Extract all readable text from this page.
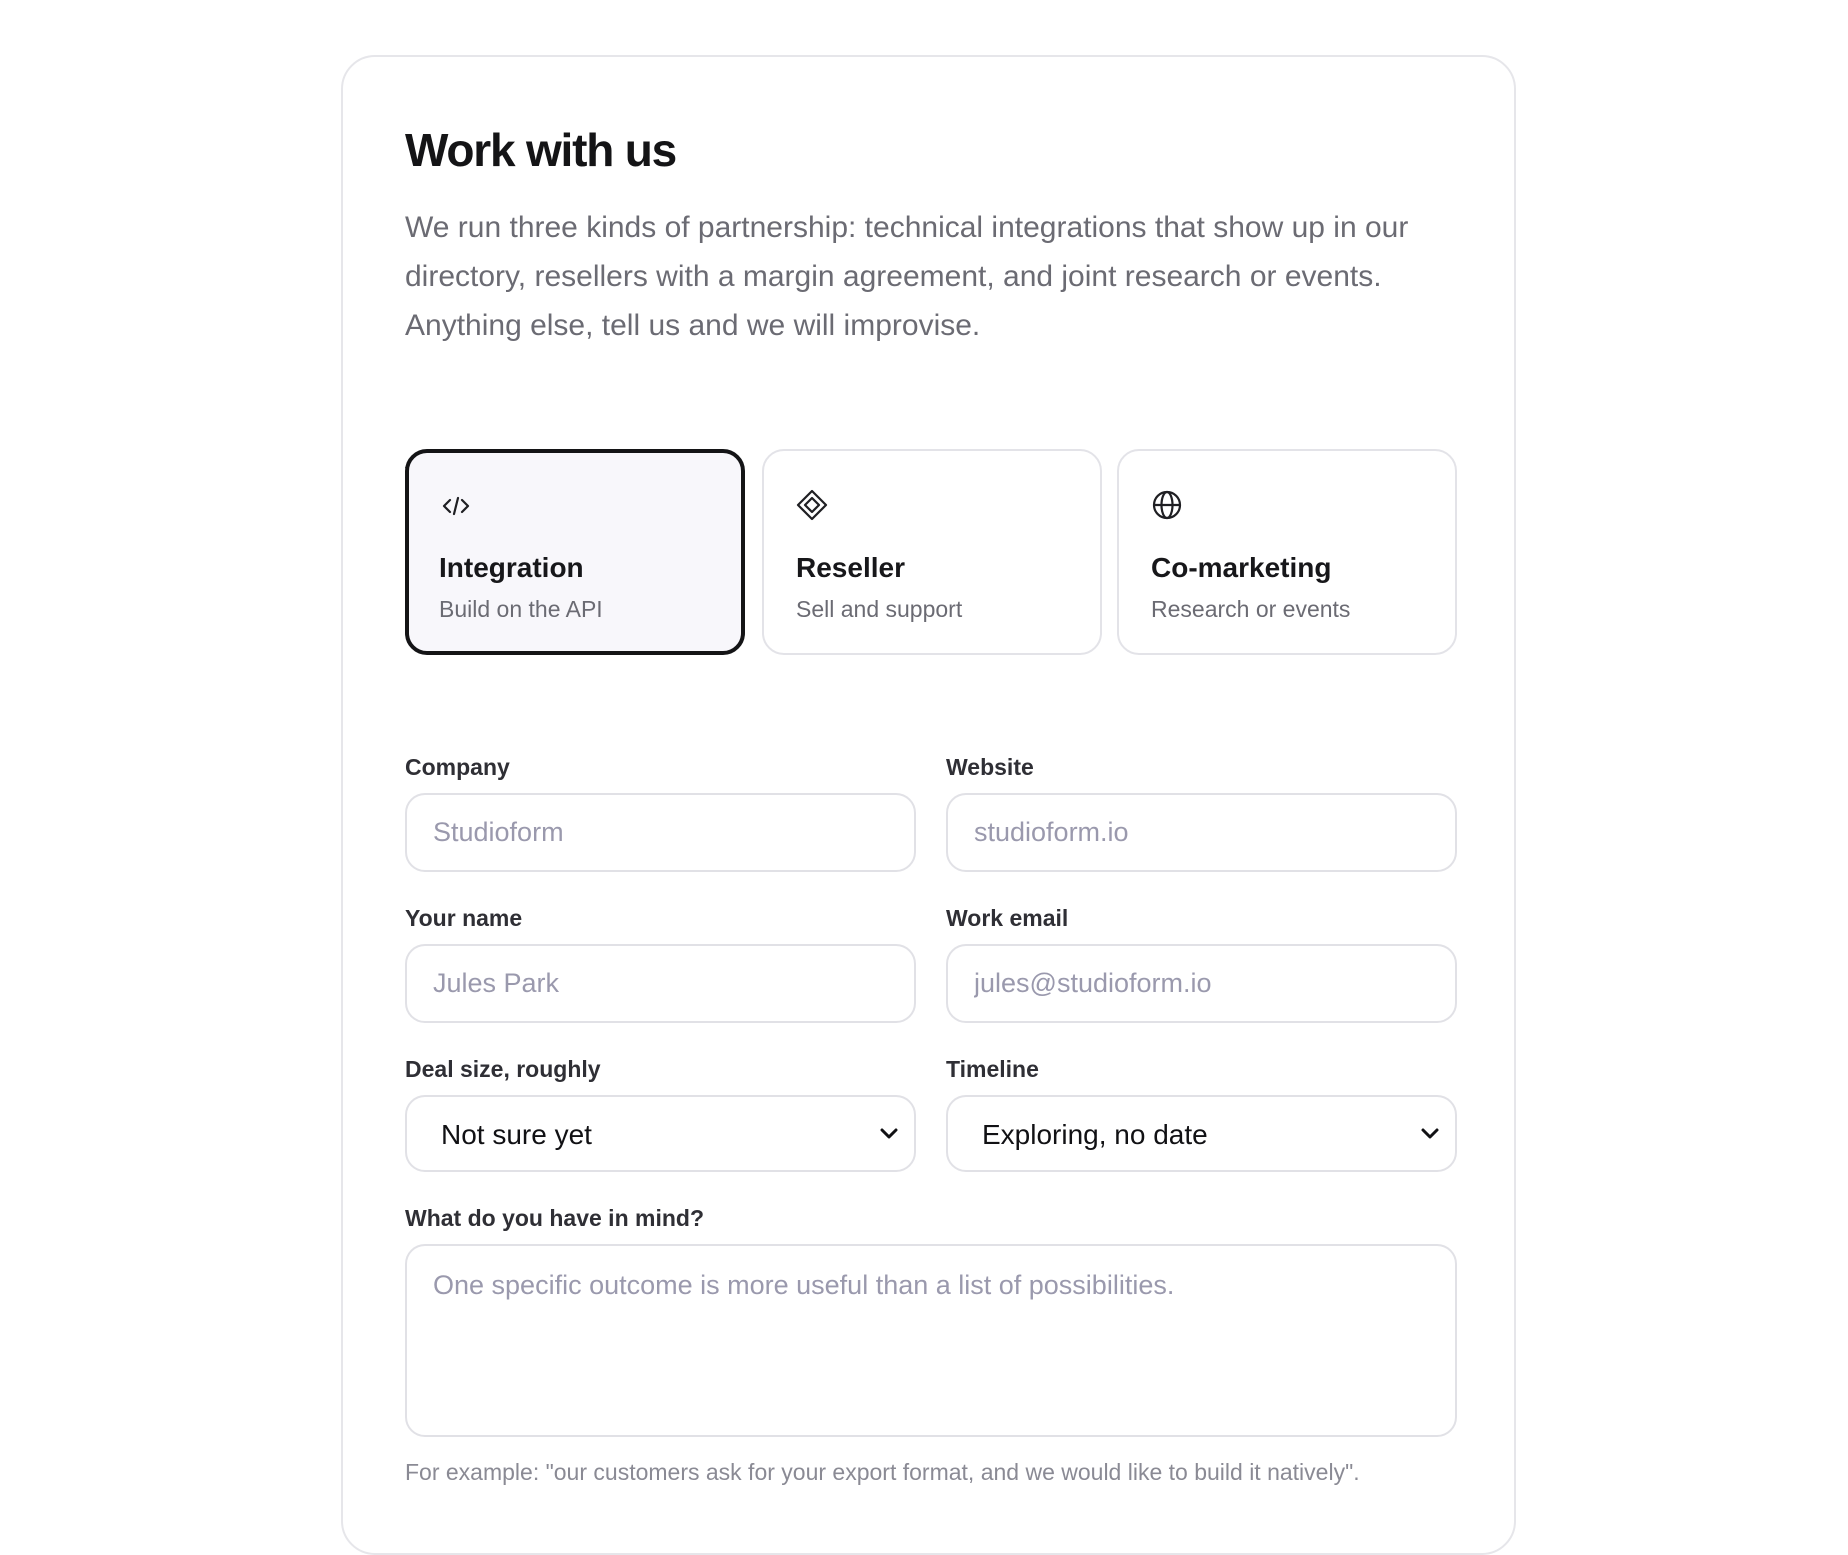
Work with us

We run three kinds of partnership: technical integrations that show up in our directory, resellers with a margin agreement, and joint research or events. Anything else, tell us and we will improvise.

Integration
Build on the API
Reseller
Sell and support
Co-marketing
Research or events
Company
Studioform	Website
studioform.io
Your name
Jules Park	Work email
jules@studioform.io
Deal size, roughly
Not sure yet
Timeline
Exploring, no date
What do you have in mind?
One specific outcome is more useful than a list of possibilities.

For example: "our customers ask for your export format, and we would like to build it natively".
